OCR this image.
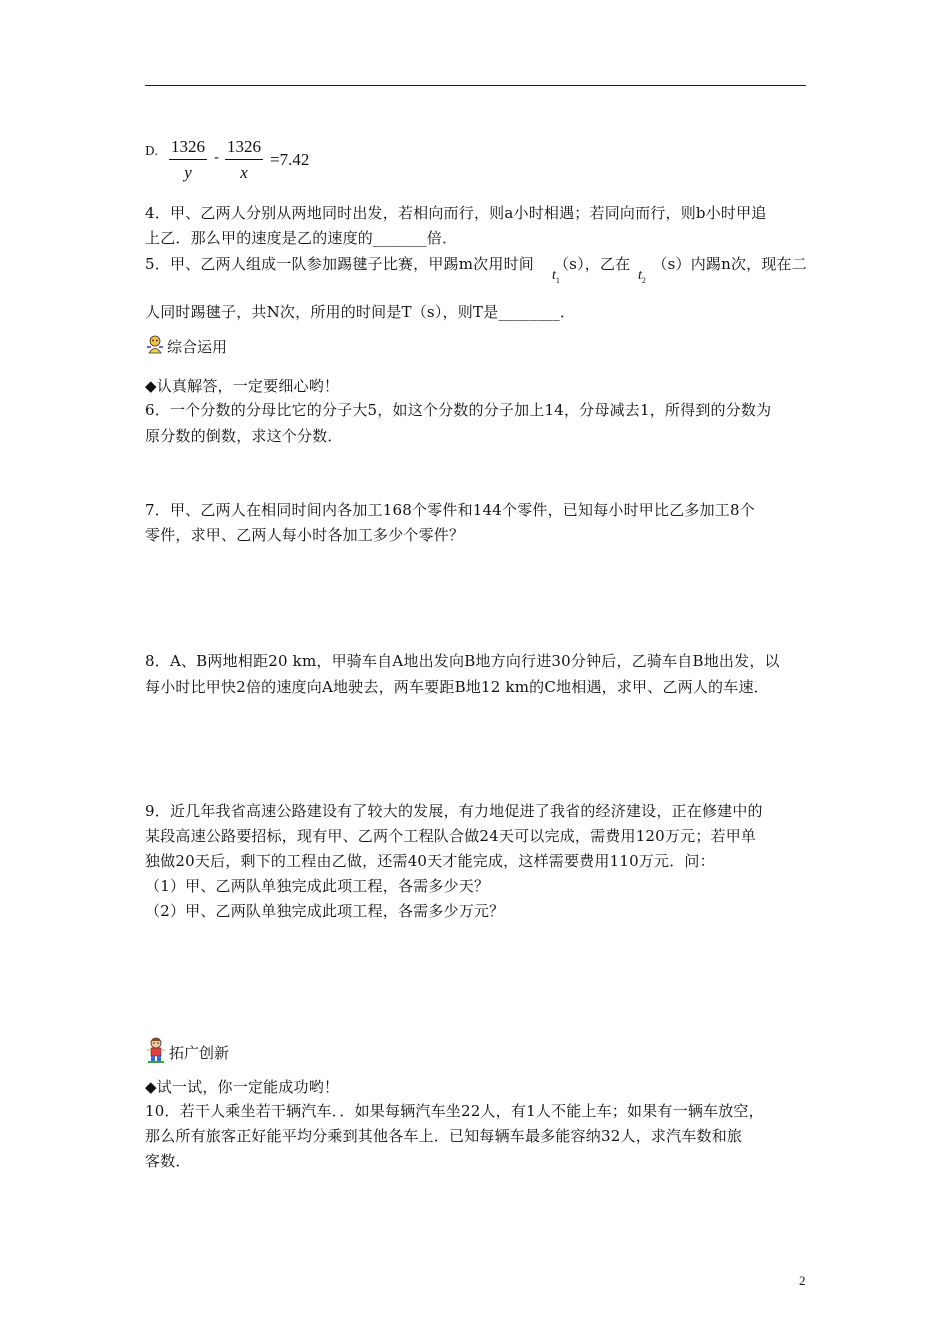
D. 1326
y
-
1326
x
=7.42
4．甲、乙两人分别从两地同时出发，若相向而行，则a小时相遇；若同向而行，则b小时甲追
上乙．那么甲的速度是乙的速度的_______倍．
5．甲、乙两人组成一队参加踢毽子比赛，甲踢m次用时间 （s），乙在 （s）内踢n次，现在二
$t_1$	$t_2$
人同时踢毽子，共N次，所用的时间是T（s），则T是________．
综合运用
◆认真解答，一定要细心哟！
6．一个分数的分母比它的分子大5，如这个分数的分子加上14，分母减去1，所得到的分数为
原分数的倒数，求这个分数．
7．甲、乙两人在相同时间内各加工168个零件和144个零件，已知每小时甲比乙多加工8个
零件，求甲、乙两人每小时各加工多少个零件？
8．A、B两地相距20 km，甲骑车自A地出发向B地方向行进30分钟后，乙骑车自B地出发，以
每小时比甲快2倍的速度向A地驶去，两车要距B地12 km的C地相遇，求甲、乙两人的车速．
9．近几年我省高速公路建设有了较大的发展，有力地促进了我省的经济建设，正在修建中的
某段高速公路要招标，现有甲、乙两个工程队合做24天可以完成，需费用120万元；若甲单
独做20天后，剩下的工程由乙做，还需40天才能完成，这样需要费用110万元．问：
（1）甲、乙两队单独完成此项工程，各需多少天？
（2）甲、乙两队单独完成此项工程，各需多少万元？
拓广创新
◆试一试，你一定能成功哟！
10．若干人乘坐若干辆汽车．．如果每辆汽车坐22人，有1人不能上车；如果有一辆车放空，
那么所有旅客正好能平均分乘到其他各车上．已知每辆车最多能容纳32人，求汽车数和旅
客数．
2
